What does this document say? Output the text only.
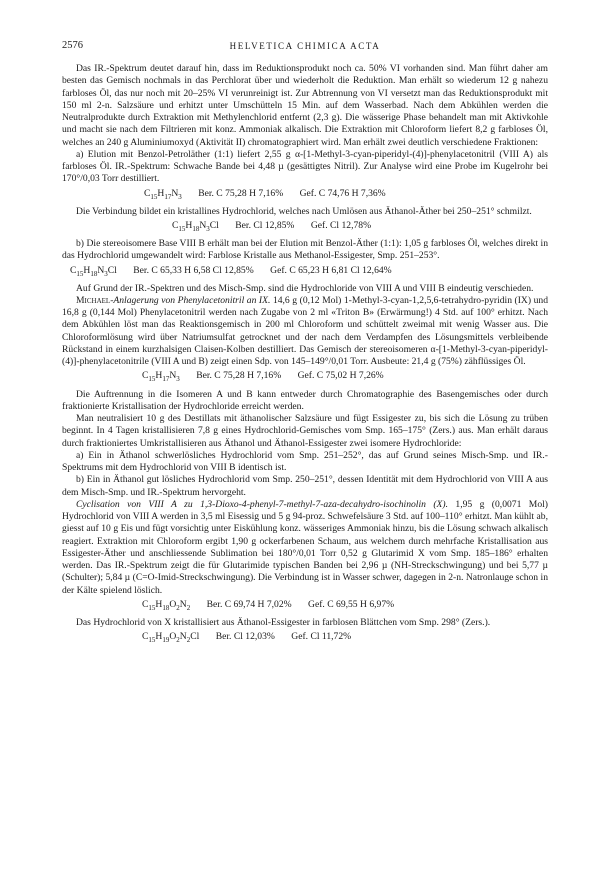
2576	HELVETICA CHIMICA ACTA

Das IR.-Spektrum deutet darauf hin, dass im Reduktionsprodukt noch ca. 50% VI vorhanden sind. Man führt daher am besten das Gemisch nochmals in das Perchlorat über und wiederholt die Reduktion. Man erhält so wiederum 12 g nahezu farbloses Öl, das nur noch mit 20–25% VI verunreinigt ist. Zur Abtrennung von VI versetzt man das Reduktionsprodukt mit 150 ml 2-n. Salzsäure und erhitzt unter Umschütteln 15 Min. auf dem Wasserbad. Nach dem Abkühlen werden die Neutralprodukte durch Extraktion mit Methylenchlorid entfernt (2,3 g). Die wässerige Phase behandelt man mit Aktivkohle und macht sie nach dem Filtrieren mit konz. Ammoniak alkalisch. Die Extraktion mit Chloroform liefert 8,2 g farbloses Öl, welches an 240 g Aluminiumoxyd (Aktivität II) chromatographiert wird. Man erhält zwei deutlich verschiedene Fraktionen:

a) Elution mit Benzol-Petroläther (1:1) liefert 2,55 g α-[1-Methyl-3-cyan-piperidyl-(4)]-phenylacetonitril (VIII A) als farbloses Öl. IR.-Spektrum: Schwache Bande bei 4,48 µ (gesättigtes Nitril). Zur Analyse wird eine Probe im Kugelrohr bei 170°/0,03 Torr destilliert.

$C_{15}H_{17}N_3$ Ber. C 75,28 H 7,16% Gef. C 74,76 H 7,36%

Die Verbindung bildet ein kristallines Hydrochlorid, welches nach Umlösen aus Äthanol-Äther bei 250–251° schmilzt.

$C_{15}H_{18}N_3Cl$ Ber. Cl 12,85% Gef. Cl 12,78%

b) Die stereoisomere Base VIII B erhält man bei der Elution mit Benzol-Äther (1:1): 1,05 g farbloses Öl, welches direkt in das Hydrochlorid umgewandelt wird: Farblose Kristalle aus Methanol-Essigester, Smp. 251–253°.

$C_{15}H_{18}N_3Cl$ Ber. C 65,33 H 6,58 Cl 12,85% Gef. C 65,23 H 6,81 Cl 12,64%

Auf Grund der IR.-Spektren und des Misch-Smp. sind die Hydrochloride von VIII A und VIII B eindeutig verschieden.

Michael-Anlagerung von Phenylacetonitril an IX. 14,6 g (0,12 Mol) 1-Methyl-3-cyan-1,2,5,6-tetrahydro-pyridin (IX) und 16,8 g (0,144 Mol) Phenylacetonitril werden nach Zugabe von 2 ml «Triton B» (Erwärmung!) 4 Std. auf 100° erhitzt. Nach dem Abkühlen löst man das Reaktionsgemisch in 200 ml Chloroform und schüttelt zweimal mit wenig Wasser aus. Die Chloroformlösung wird über Natriumsulfat getrocknet und der nach dem Verdampfen des Lösungsmittels verbleibende Rückstand in einem kurzhalsigen Claisen-Kolben destilliert. Das Gemisch der stereoisomeren α-[1-Methyl-3-cyan-piperidyl-(4)]-phenylacetonitrile (VIII A und B) zeigt einen Sdp. von 145–149°/0,01 Torr. Ausbeute: 21,4 g (75%) zähflüssiges Öl.

$C_{15}H_{17}N_3$ Ber. C 75,28 H 7,16% Gef. C 75,02 H 7,26%

Die Auftrennung in die Isomeren A und B kann entweder durch Chromatographie des Basengemisches oder durch fraktionierte Kristallisation der Hydrochloride erreicht werden.

Man neutralisiert 10 g des Destillats mit äthanolischer Salzsäure und fügt Essigester zu, bis sich die Lösung zu trüben beginnt. In 4 Tagen kristallisieren 7,8 g eines Hydrochlorid-Gemisches vom Smp. 165–175° (Zers.) aus. Man erhält daraus durch fraktioniertes Umkristallisieren aus Äthanol und Äthanol-Essigester zwei isomere Hydrochloride:

a) Ein in Äthanol schwerlösliches Hydrochlorid vom Smp. 251–252°, das auf Grund seines Misch-Smp. und IR.-Spektrums mit dem Hydrochlorid von VIII B identisch ist.

b) Ein in Äthanol gut lösliches Hydrochlorid vom Smp. 250–251°, dessen Identität mit dem Hydrochlorid von VIII A aus dem Misch-Smp. und IR.-Spektrum hervorgeht.

Cyclisation von VIII A zu 1,3-Dioxo-4-phenyl-7-methyl-7-aza-decahydro-isochinolin (X). 1,95 g (0,0071 Mol) Hydrochlorid von VIII A werden in 3,5 ml Eisessig und 5 g 94-proz. Schwefelsäure 3 Std. auf 100–110° erhitzt. Man kühlt ab, giesst auf 10 g Eis und fügt vorsichtig unter Eiskühlung konz. wässeriges Ammoniak hinzu, bis die Lösung schwach alkalisch reagiert. Extraktion mit Chloroform ergibt 1,90 g ockerfarbenen Schaum, aus welchem durch mehrfache Kristallisation aus Essigester-Äther und anschliessende Sublimation bei 180°/0,01 Torr 0,52 g Glutarimid X vom Smp. 185–186° erhalten werden. Das IR.-Spektrum zeigt die für Glutarimide typischen Banden bei 2,96 µ (NH-Streckschwingung) und bei 5,77 µ (Schulter); 5,84 µ (C=O-Imid-Streckschwingung). Die Verbindung ist in Wasser schwer, dagegen in 2-n. Natronlauge schon in der Kälte spielend löslich.

$C_{15}H_{18}O_2N_2$ Ber. C 69,74 H 7,02% Gef. C 69,55 H 6,97%

Das Hydrochlorid von X kristallisiert aus Äthanol-Essigester in farblosen Blättchen vom Smp. 298° (Zers.).

$C_{15}H_{19}O_2N_2Cl$ Ber. Cl 12,03% Gef. Cl 11,72%
